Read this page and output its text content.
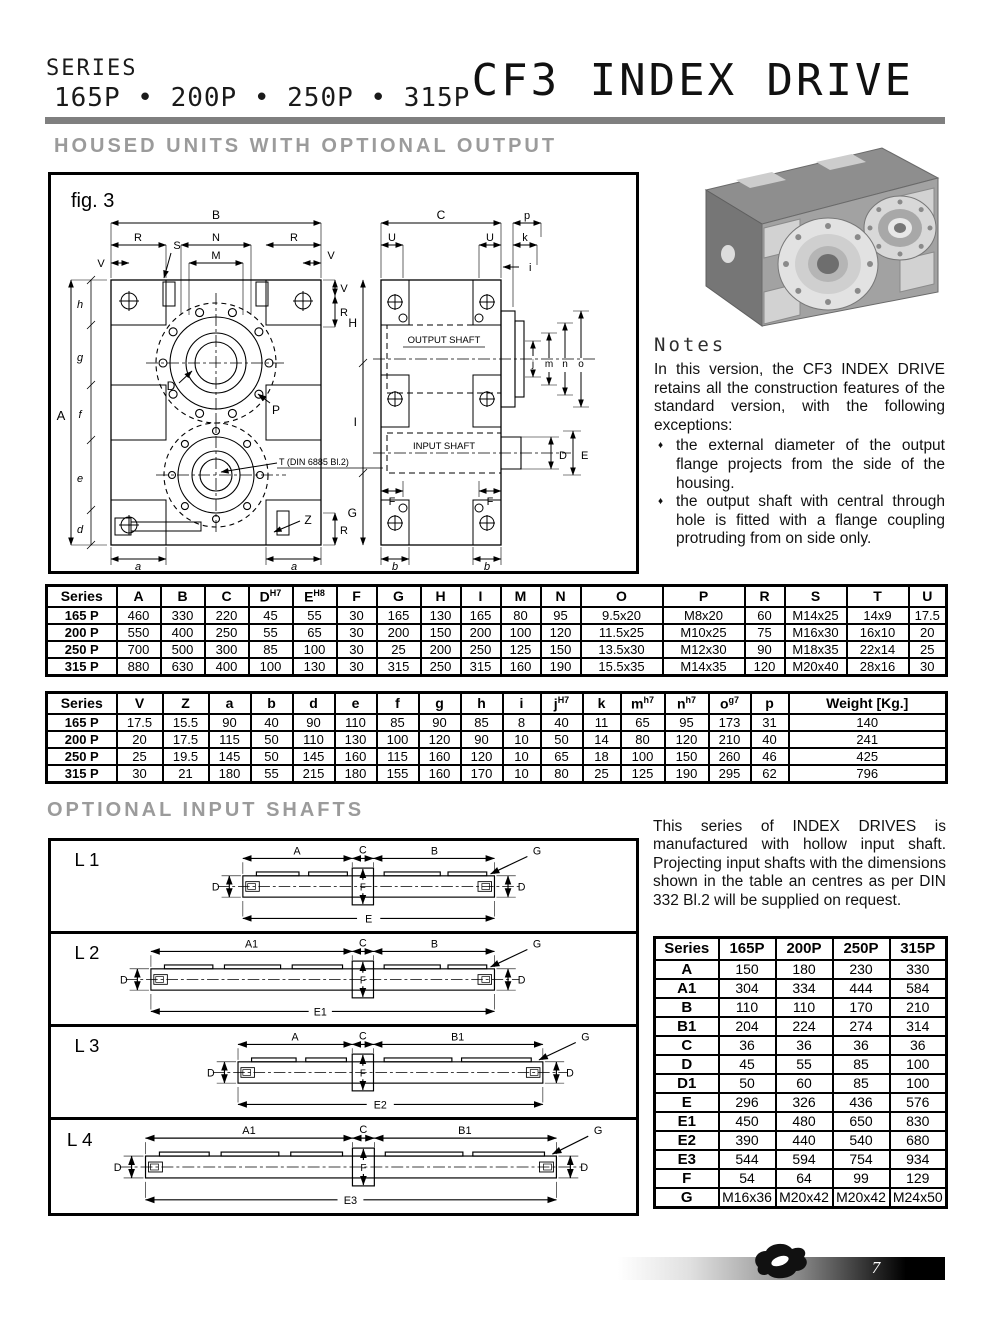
SERIES
165P • 200P • 250P • 315P CF3 INDEX DRIVE
HOUSED UNITS WITH OPTIONAL OUTPUT
fig. 3
B
R
S
V
N
M
R
V
V
R
A
h
g
f
e
d
a	a
D
P
T (DIN 6885 Bl.2)
Z
R
C	p
U	U	k
i
H
I
G
OUTPUT SHAFT
INPUT SHAFT
j m n o
D E
F	F
b	b
Notes

In this version, the CF3 INDEX DRIVE retains all the construction features of the standard version, with the following exceptions:

♦ the external diameter of the output flange projects from the side of the housing.
♦ the output shaft with central through hole is fitted with a flange coupling protruding from on side only.
Series	A	B	C	$D^{H7}$	$E^{H8}$	F	G	H	I	M	N	O	P	R	S	T	U
165 P	460	330	220	45	55	30	165	130	165	80	95	9.5x20	M8x20	60	M14x25	14x9	17.5
200 P	550	400	250	55	65	30	200	150	200	100	120	11.5x25	M10x25	75	M16x30	16x10	20
250 P	700	500	300	85	100	30	25	200	250	125	150	13.5x30	M12x30	90	M18x35	22x14	25
315 P	880	630	400	100	130	30	315	250	315	160	190	15.5x35	M14x35	120	M20x40	28x16	30
Series	V	Z	a	b	d	e	f	g	h	i	$j^{H7}$	k	$m^{h7}$	$n^{h7}$	$o^{g7}$	p	Weight [Kg.]
165 P	17.5	15.5	90	40	90	110	85	90	85	8	40	11	65	95	173	31	140
200 P	20	17.5	115	50	110	130	100	120	90	10	50	14	80	120	210	40	241
250 P	25	19.5	145	50	145	160	115	160	120	10	65	18	100	150	260	46	425
315 P	30	21	180	55	215	180	155	160	170	10	80	25	125	190	295	62	796
OPTIONAL INPUT SHAFTS
L 1	A	C	B
E
D	D
F
G
L 2	A1	C	B
E1
D	D
F
G
L 3	A	C	B1
E2
D	D
F
G
L 4	A1	C	B1
E3
D	D
F
G
This series of INDEX DRIVES is manufactured with hollow input shaft. Projecting input shafts with the dimensions shown in the table an centres as per DIN 332 Bl.2 will be supplied on request.
Series	165P	200P	250P	315P
A	150	180	230	330
A1	304	334	444	584
B	110	110	170	210
B1	204	224	274	314
C	36	36	36	36
D	45	55	85	100
D1	50	60	85	100
E	296	326	436	576
E1	450	480	650	830
E2	390	440	540	680
E3	544	594	754	934
F	54	64	99	129
G	M16x36	M20x42	M20x42	M24x50
7
